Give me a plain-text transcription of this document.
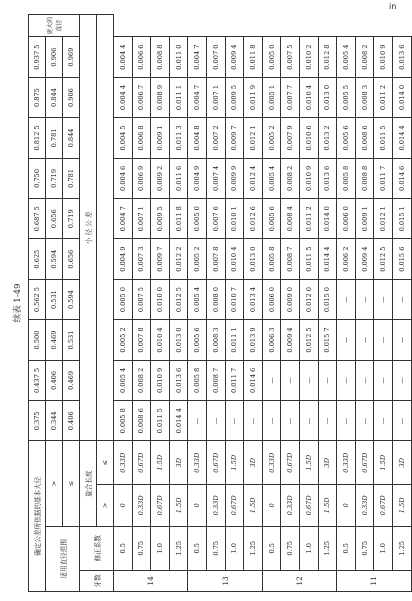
in
续表 1-49
确定公差所依据的基本大径				0.375	0.437 5	0.500	0.562 5	0.625	0.687 5	0.750	0.812 5	0.875	0.937 5	更大的直径
适用直径范围		>		0.344	0.406	0.469	0.531	0.594	0.656	0.719	0.781	0.844	0.906	
		≤		0.406	0.469	0.531	0.594	0.656	0.719	0.781	0.844	0.906	0.969	
牙数	修正系数	旋合长度		小 径 公 差										
		>	≤											
14	0.5	0	0.33D	0.005 8	0.005 4	0.005 2	0.005 0	0.004 9	0.004 7	0.004 6	0.004 5	0.004 4	0.004 4	
	0.75	0.33D	0.67D	0.008 6	0.008 2	0.007 8	0.007 5	0.007 3	0.007 1	0.006 9	0.006 8	0.006 7	0.006 6	
	1.0	0.67D	1.5D	0.011 5	0.010 9	0.010 4	0.010 0	0.009 7	0.009 5	0.009 2	0.009 1	0.008 9	0.008 8	
	1.25	1.5D	3D	0.014 4	0.013 6	0.013 0	0.012 5	0.012 2	0.011 8	0.011 6	0.011 3	0.011 1	0.011 0	
13	0.5	0	0.33D	—	0.005 8	0.005 6	0.005 4	0.005 2	0.005 0	0.004 9	0.004 8	0.004 7	0.004 7	
	0.75	0.33D	0.67D	—	0.008 7	0.008 3	0.008 0	0.007 8	0.007 6	0.007 4	0.007 2	0.007 1	0.007 0	
	1.0	0.67D	1.5D	—	0.011 7	0.011 1	0.010 7	0.010 4	0.010 1	0.009 9	0.009 7	0.009 5	0.009 4	
	1.25	1.5D	3D	—	0.014 6	0.013 9	0.013 4	0.013 0	0.012 6	0.012 4	0.012 1	0.011 9	0.011 8	
12	0.5	0	0.33D	—	—	0.006 3	0.006 0	0.005 8	0.005 6	0.005 4	0.005 2	0.005 1	0.005 0	
	0.75	0.33D	0.67D	—	—	0.009 4	0.009 0	0.008 7	0.008 4	0.008 2	0.007 9	0.007 7	0.007 5	
	1.0	0.67D	1.5D	—	—	0.012 5	0.012 0	0.011 5	0.011 2	0.010 9	0.010 6	0.010 4	0.010 2	
	1.25	1.5D	3D	—	—	0.015 7	0.015 0	0.014 4	0.014 0	0.013 6	0.013 2	0.013 0	0.012 8	
11	0.5	0	0.33D	—	—	—	—	0.006 2	0.006 0	0.005 8	0.005 6	0.005 5	0.005 4	
	0.75	0.33D	0.67D	—	—	—	—	0.009 4	0.009 1	0.008 8	0.008 6	0.008 3	0.008 2	
	1.0	0.67D	1.5D	—	—	—	—	0.012 5	0.012 1	0.011 7	0.011 5	0.011 2	0.010 9	
	1.25	1.5D	3D	—	—	—	—	0.015 6	0.015 1	0.014 6	0.014 4	0.014 0	0.013 6	
